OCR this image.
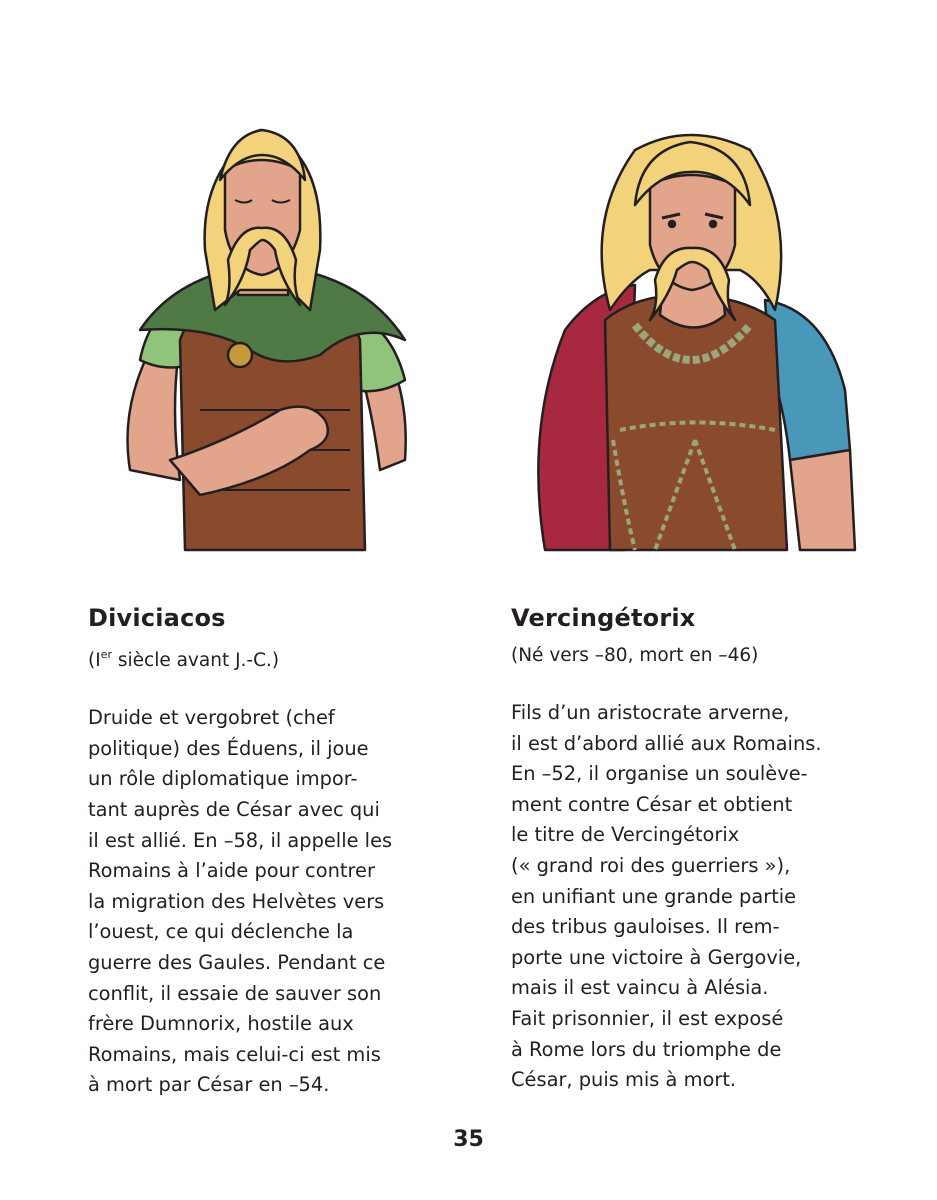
Diviciacos

(Ier siècle avant J.-C.)

Druide et vergobret (chef
politique) des Éduens, il joue
un rôle diplomatique impor-
tant auprès de César avec qui
il est allié. En –58, il appelle les
Romains à l’aide pour contrer
la migration des Helvètes vers
l’ouest, ce qui déclenche la
guerre des Gaules. Pendant ce
conflit, il essaie de sauver son
frère Dumnorix, hostile aux
Romains, mais celui-ci est mis
à mort par César en –54.

Vercingétorix

(Né vers –80, mort en –46)

Fils d’un aristocrate arverne,
il est d’abord allié aux Romains.
En –52, il organise un soulève-
ment contre César et obtient
le titre de Vercingétorix
(« grand roi des guerriers »),
en unifiant une grande partie
des tribus gauloises. Il rem-
porte une victoire à Gergovie,
mais il est vaincu à Alésia.
Fait prisonnier, il est exposé
à Rome lors du triomphe de
César, puis mis à mort.

35
